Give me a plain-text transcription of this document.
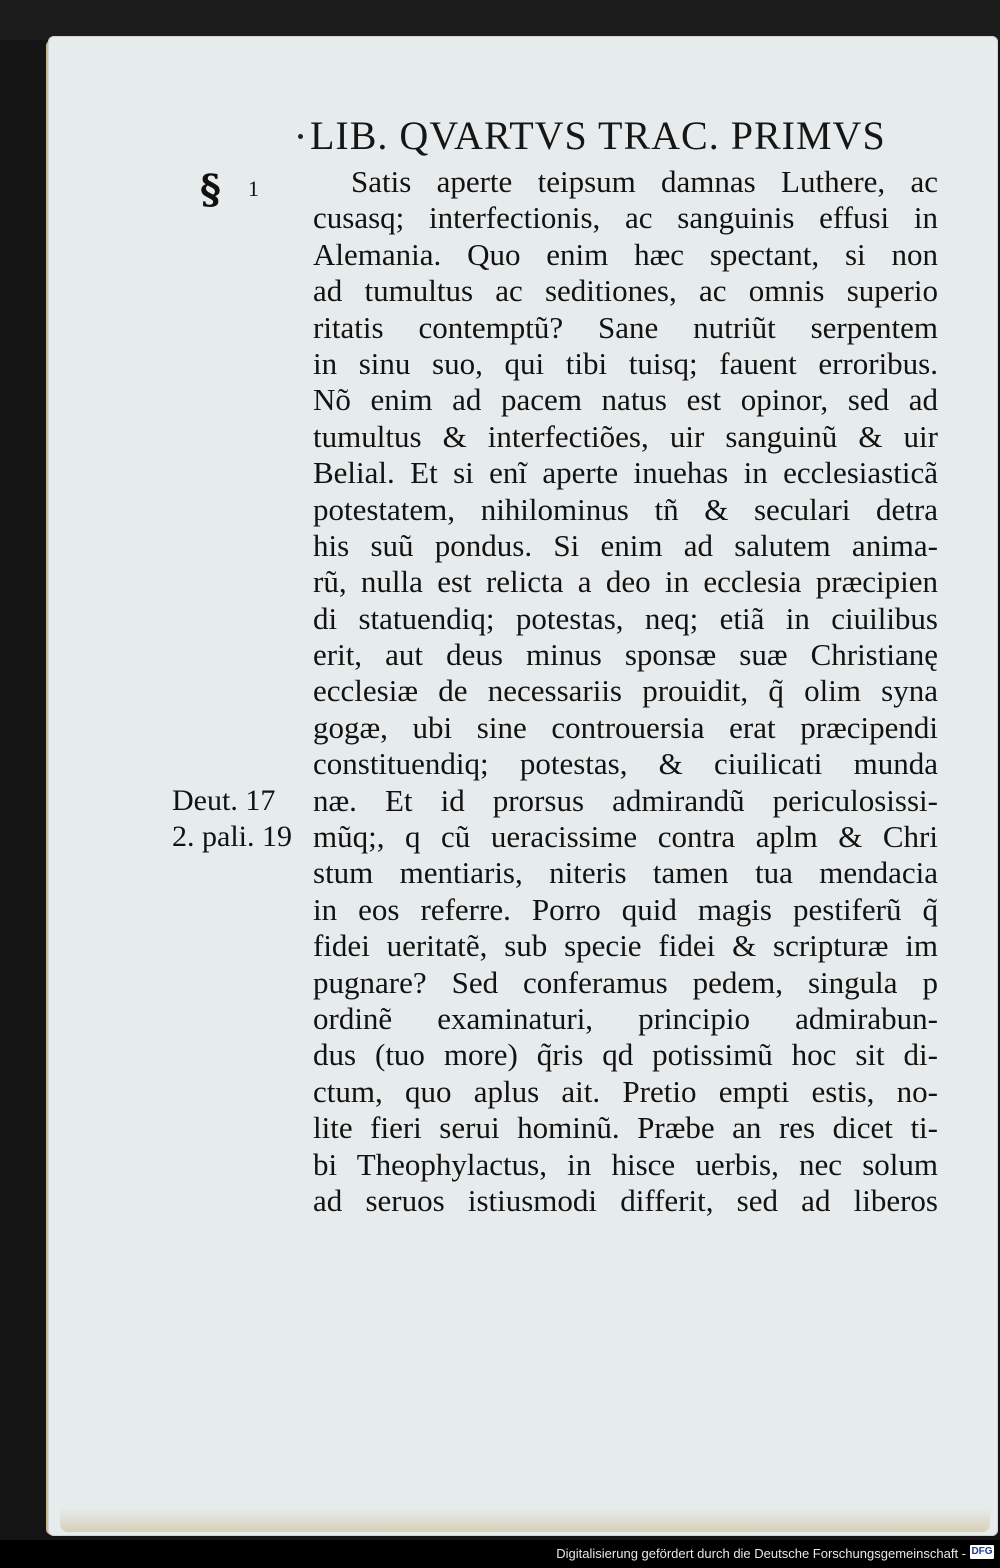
LIB. QVARTVS TRAC. PRIMVS
§ 1	Satis aperte teipsum damnas Luthere, ac
cusasq; interfectionis, ac sanguinis effusi in
Alemania. Quo enim hæc spectant, si non
ad tumultus ac seditiones, ac omnis superio
ritatis contemptũ? Sane nutriũt serpentem
in sinu suo, qui tibi tuisq; fauent erroribus.
Nõ enim ad pacem natus est opinor, sed ad
tumultus & interfectiões, uir sanguinũ & uir
Belial. Et si enĩ aperte inuehas in ecclesiasticã
potestatem, nihilominus tñ & seculari detra
his suũ pondus. Si enim ad salutem anima-
rũ, nulla est relicta a deo in ecclesia præcipien
di statuendiq; potestas, neq; etiã in ciuilibus
erit, aut deus minus sponsæ suæ Christianę
ecclesiæ de necessariis prouidit, q̃ olim syna
gogæ, ubi sine controuersia erat præcipendi
constituendiq; potestas, & ciuilicati munda
næ. Et id prorsus admirandũ periculosissi-
mũq;, q cũ ueracissime contra aplm & Chri
stum mentiaris, niteris tamen tua mendacia
in eos referre. Porro quid magis pestiferũ q̃
fidei ueritatẽ, sub specie fidei & scripturæ im
pugnare? Sed conferamus pedem, singula p
ordinẽ examinaturi, principio admirabun-
dus (tuo more) q̃ris qd potissimũ hoc sit di-
ctum, quo aplus ait. Pretio empti estis, no-
lite fieri serui hominũ. Præbe an res dicet ti-
bi Theophylactus, in hisce uerbis, nec solum
ad seruos istiusmodi differit, sed ad liberos
Deut. 17
2. pali. 19
Digitalisierung gefördert durch die Deutsche Forschungsgemeinschaft - DFG
